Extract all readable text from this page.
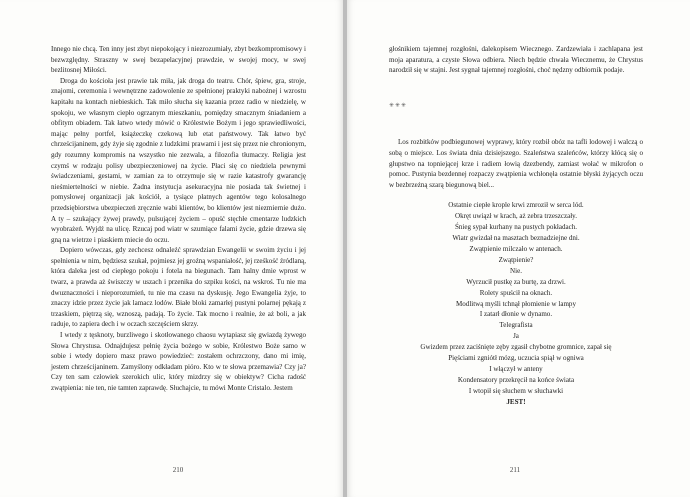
Innego nie chcą. Ten inny jest zbyt niepokojący i niezrozumiały, zbyt bezkompromisowy i bezwzględny. Straszny w swej bezapelacyjnej prawdzie, w swojej mocy, w swej bezlitosnej Miłości.

Droga do kościoła jest prawie tak miła, jak droga do teatru. Chór, śpiew, gra, stroje, znajomi, ceremonia i wewnętrzne zadowolenie ze spełnionej praktyki nabożnej i wzrostu kapitału na kontach niebieskich. Tak miło słucha się kazania przez radio w niedzielę, w spokoju, we własnym ciepło ogrzanym mieszkaniu, pomiędzy smacznym śniadaniem a obfitym obiadem. Tak łatwo wtedy mówić o Królestwie Bożym i jego sprawiedliwości, mając pełny portfel, książeczkę czekową lub etat państwowy. Tak łatwo być chrześcijaninem, gdy żyje się zgodnie z ludzkimi prawami i jest się przez nie chronionym, gdy rozumny kompromis na wszystko nie zezwala, a filozofia tłumaczy. Religia jest czymś w rodzaju polisy ubezpieczeniowej na życie. Płaci się co niedziela pewnymi świadczeniami, gestami, w zamian za to otrzymuje się w razie katastrofy gwarancję nieśmiertelności w niebie. Żadna instytucja asekuracyjna nie posiada tak świetnej i pomysłowej organizacji jak kościół, a tysiące płatnych agentów tego kolosalnego przedsiębiorstwa ubezpieczeń zręcznie wabi klientów, bo klientów jest niezmiernie dużo. A ty – szukający żywej prawdy, pulsującej życiem – opuść stęchłe cmentarze ludzkich wyobrażeń. Wyjdź na ulicę. Rzucaj pod wiatr w szumiące falami życie, gdzie drzewa się gną na wietrze i piaskiem miecie do oczu.

Dopiero wówczas, gdy zechcesz odnaleźć sprawdzian Ewangelii w swoim życiu i jej spełnienia w nim, będziesz szukał, pojmiesz jej groźną wspaniałość, jej rześkość źródlaną, która daleka jest od ciepłego pokoju i fotela na biegunach. Tam halny dmie wprost w twarz, a prawda aż świszczy w uszach i przenika do szpiku kości, na wskroś. Tu nie ma dwuznaczności i nieporozumień, tu nie ma czasu na dyskusję. Jego Ewangelia żyje, to znaczy idzie przez życie jak lamacz lodów. Białe bloki zamarłej pustyni polarnej pękają z trzaskiem, piętrzą się, wznoszą, padają. To życie. Tak mocno i realnie, że aż boli, a jak raduje, to zapiera dech i w oczach szczęściem skrzy.

I wtedy z tęsknoty, burzliwego i skotłowanego chaosu wytapiasz się gwiazdą żywego Słowa Chrystusa. Odnajdujesz pełnię życia bożego w sobie, Królestwo Boże samo w sobie i wtedy dopiero masz prawo powiedzieć: zostałem ochrzczony, dano mi imię, jestem chrześcijaninem. Zamyślony odkładam pióro. Kto w te słowa przemawia? Czy ja? Czy ten sam człowiek szerokich ulic, który mizdrzy się w obiektyw? Cicha radość zwątpienia: nie ten, nie tamten zaprawdę. Słuchajcie, tu mówi Monte Cristalo. Jestem

210

głośnikiem tajemnej rozgłośni, dalekopisem Wiecznego. Zardzewiała i zachlapana jest moja aparatura, a czyste Słowa odbiera. Niech będzie chwała Wiecznemu, że Chrystus narodził się w stajni. Jest sygnał tajemnej rozgłośni, choć nędzny odbiornik podaje.

✳✳✳

Los rozbitków podbiegunowej wyprawy, który rozbił obóz na tafli lodowej i walczą o sobą o miejsce. Los świata dnia dzisiejszego. Szaleństwa szaleńców, którzy kłócą się o głupstwo na topniejącej krze i radiem łowią dzezbendy, zamiast wołać w mikrofon o pomoc. Pustynia bezdennej rozpaczy zwątpienia wchłonęła ostatnie błyski żyjących oczu w bezbrzeżną szarą biegunową biel...

Ostatnie ciepłe krople krwi zmroził w serca lód.
Okręt uwiązł w krach, aż zebra trzeszczały.
Śnieg sypał kurhany na pustych pokładach.
Wiatr gwizdał na masztach beznadziejne dni.
Zwątpienie milczało w antenach.
Zwątpienie?
Nie.
Wyrzucił pustkę za burtę, za drzwi.
Rolety spuścił na oknach.
Modlitwą myśli tchnął płomienie w lampy
I zatarł dłonie w dynamo.
Telegrafista
Ja
Gwizdem przez zaciśnięte zęby zgasił chybotne gromnice, zapał się
Pięściami zgniótł mózg, uczucia spiął w ogniwa
I włączył w anteny
Kondensatory przekręcił na końce świata
I wtopił się słuchem w słuchawki
JEST!
211
